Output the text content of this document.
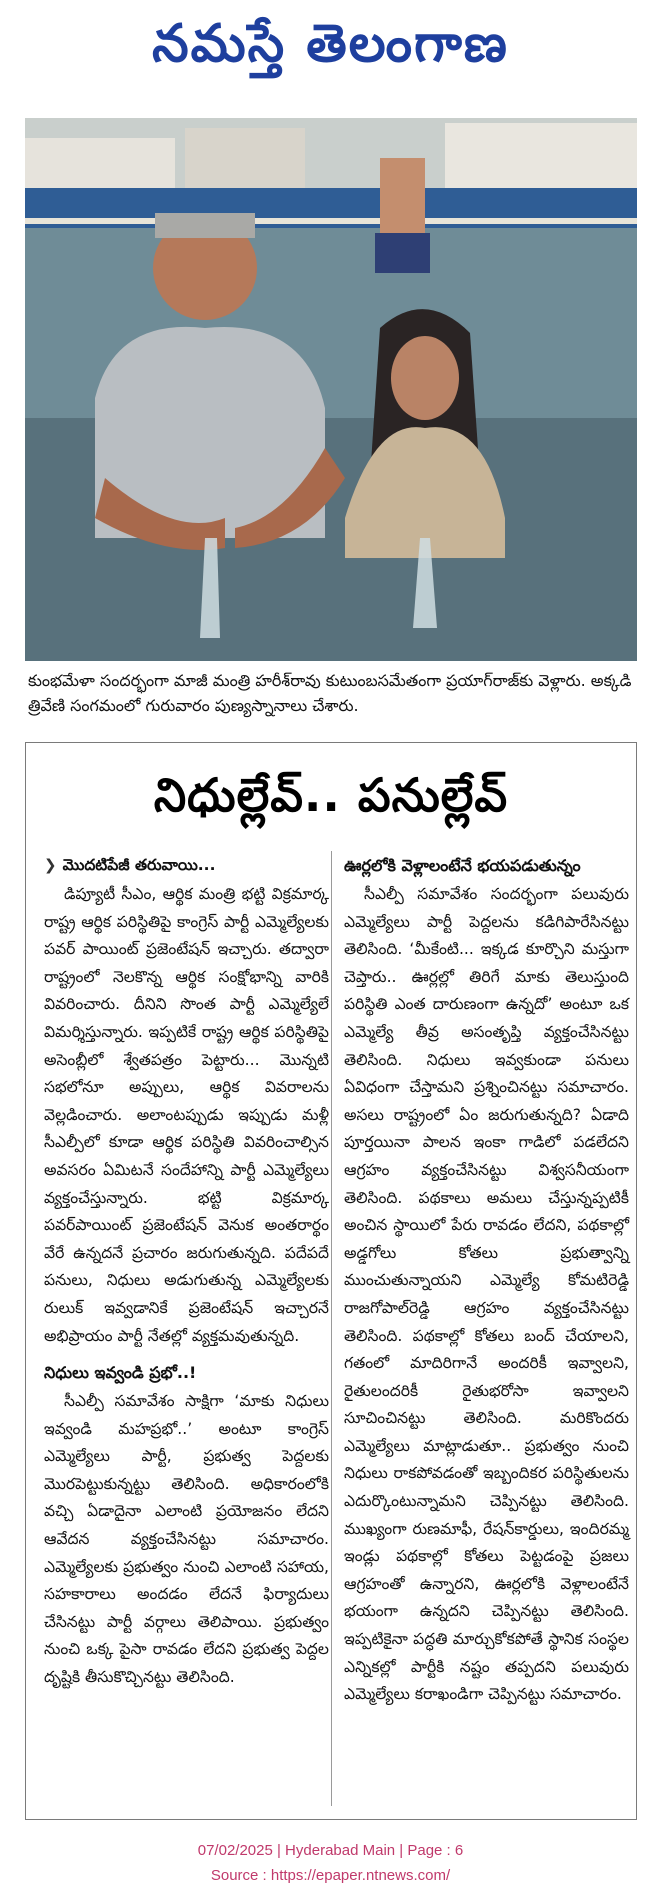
నమస్తే తెలంగాణ
కుంభమేళా సందర్భంగా మాజీ మంత్రి హరీశ్‌రావు కుటుంబసమేతంగా ప్రయాగ్‌రాజ్‌కు వెళ్లారు. అక్కడి త్రివేణి సంగమంలో గురువారం పుణ్యస్నానాలు చేశారు.
నిధుల్లేవ్.. పనుల్లేవ్
❯ మొదటిపేజీ తరువాయి...

డిప్యూటీ సీఎం, ఆర్థిక మంత్రి భట్టి విక్రమార్క రాష్ట్ర ఆర్థిక పరిస్థితిపై కాంగ్రెస్ పార్టీ ఎమ్మెల్యేలకు పవర్ పాయింట్ ప్రజెంటేషన్ ఇచ్చారు. తద్వారా రాష్ట్రంలో నెలకొన్న ఆర్థిక సంక్షోభాన్ని వారికి వివరించారు. దీనిని సొంత పార్టీ ఎమ్మెల్యేలే విమర్శిస్తున్నారు. ఇప్పటికే రాష్ట్ర ఆర్థిక పరిస్థితిపై అసెంబ్లీలో శ్వేతపత్రం పెట్టారు... మొన్నటి సభలోనూ అప్పులు, ఆర్థిక వివరాలను వెల్లడించారు. అలాంటప్పుడు ఇప్పుడు మళ్లీ సీఎల్పీలో కూడా ఆర్థిక పరిస్థితి వివరించాల్సిన అవసరం ఏమిటనే సందేహాన్ని పార్టీ ఎమ్మెల్యేలు వ్యక్తంచేస్తున్నారు. భట్టి విక్రమార్క పవర్‌పాయింట్ ప్రజెంటేషన్ వెనుక అంతరార్థం వేరే ఉన్నదనే ప్రచారం జరుగుతున్నది. పదేపదే పనులు, నిధులు అడుగుతున్న ఎమ్మెల్యేలకు రులుక్ ఇవ్వడానికే ప్రజెంటేషన్ ఇచ్చారనే అభిప్రాయం పార్టీ నేతల్లో వ్యక్తమవుతున్నది.

నిధులు ఇవ్వండి ప్రభో..!

సీఎల్పీ సమావేశం సాక్షిగా ‘మాకు నిధులు ఇవ్వండి మహప్రభో..’ అంటూ కాంగ్రెస్ ఎమ్మెల్యేలు పార్టీ, ప్రభుత్వ పెద్దలకు మొరపెట్టుకున్నట్టు తెలిసింది. అధికారంలోకి వచ్చి ఏడాదైనా ఎలాంటి ప్రయోజనం లేదని ఆవేదన వ్యక్తంచేసినట్టు సమాచారం. ఎమ్మెల్యేలకు ప్రభుత్వం నుంచి ఎలాంటి సహాయ, సహకారాలు అందడం లేదనే ఫిర్యాదులు చేసినట్టు పార్టీ వర్గాలు తెలిపాయి. ప్రభుత్వం నుంచి ఒక్క పైసా రావడం లేదని ప్రభుత్వ పెద్దల దృష్టికి తీసుకొచ్చినట్టు తెలిసింది.

ఊర్లలోకి వెళ్లాలంటేనే భయపడుతున్నం

సీఎల్పీ సమావేశం సందర్భంగా పలువురు ఎమ్మెల్యేలు పార్టీ పెద్దలను కడిగిపారేసినట్టు తెలిసింది. ‘మీకేంటి... ఇక్కడ కూర్చొని మస్తుగా చెప్తారు.. ఊర్లల్లో తిరిగే మాకు తెలుస్తుంది పరిస్థితి ఎంత దారుణంగా ఉన్నదో’ అంటూ ఒక ఎమ్మెల్యే తీవ్ర అసంతృప్తి వ్యక్తంచేసినట్టు తెలిసింది. నిధులు ఇవ్వకుండా పనులు ఏవిధంగా చేస్తామని ప్రశ్నించినట్టు సమాచారం. అసలు రాష్ట్రంలో ఏం జరుగుతున్నది? ఏడాది పూర్తయినా పాలన ఇంకా గాడిలో పడలేదని ఆగ్రహం వ్యక్తంచేసినట్టు విశ్వసనీయంగా తెలిసింది. పథకాలు అమలు చేస్తున్నప్పటికీ అంచిన స్థాయిలో పేరు రావడం లేదని, పథకాల్లో అడ్డగోలు కోతలు ప్రభుత్వాన్ని ముంచుతున్నాయని ఎమ్మెల్యే కోమటిరెడ్డి రాజగోపాల్‌రెడ్డి ఆగ్రహం వ్యక్తంచేసినట్టు తెలిసింది. పథకాల్లో కోతలు బంద్ చేయాలని, గతంలో మాదిరిగానే అందరికీ ఇవ్వాలని, రైతులందరికీ రైతుభరోసా ఇవ్వాలని సూచించినట్టు తెలిసింది. మరికొందరు ఎమ్మెల్యేలు మాట్లాడుతూ.. ప్రభుత్వం నుంచి నిధులు రాకపోవడంతో ఇబ్బందికర పరిస్థితులను ఎదుర్కొంటున్నామని చెప్పినట్టు తెలిసింది. ముఖ్యంగా రుణమాఫీ, రేషన్‌కార్డులు, ఇందిరమ్మ ఇండ్లు పథకాల్లో కోతలు పెట్టడంపై ప్రజలు ఆగ్రహంతో ఉన్నారని, ఊర్లలోకి వెళ్లాలంటేనే భయంగా ఉన్నదని చెప్పినట్టు తెలిసింది. ఇప్పటికైనా పద్ధతి మార్చుకోకపోతే స్థానిక సంస్థల ఎన్నికల్లో పార్టీకి నష్టం తప్పదని పలువురు ఎమ్మెల్యేలు కరాఖండిగా చెప్పినట్టు సమాచారం.

07/02/2025 | Hyderabad Main | Page : 6
Source : https://epaper.ntnews.com/
